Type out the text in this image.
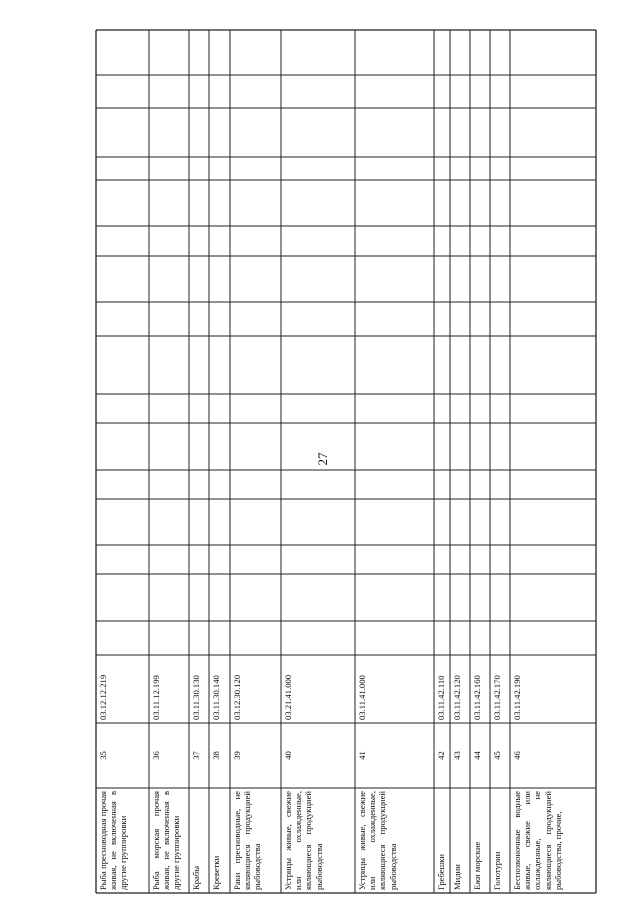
27
Рыба пресноводная прочая живая, не включенная в другие группировки
35
03.12.12.219
Рыба морская прочая живая, не включенная в другие группировки
36
03.11.12.199
Крабы
37
03.11.30.130
Креветки
38
03.11.30.140
Раки пресноводные, не являющиеся продукцией рыбоводства
39
03.12.30.120
Устрицы живые, свежие или охлажденные, являющиеся продукцией рыбоводства
40
03.21.41.000
Устрицы живые, свежие или охлажденные, являющиеся продукцией рыбоводства
41
03.11.41.000
Гребешки
42
03.11.42.110
Мидии
43
03.11.42.120
Ежи морские
44
03.11.42.160
Голотурии
45
03.11.42.170
Беспозвоночные водные живые, свежие или охлажденные, не являющиеся продукцией рыбоводства, прочие,
46
03.11.42.190
